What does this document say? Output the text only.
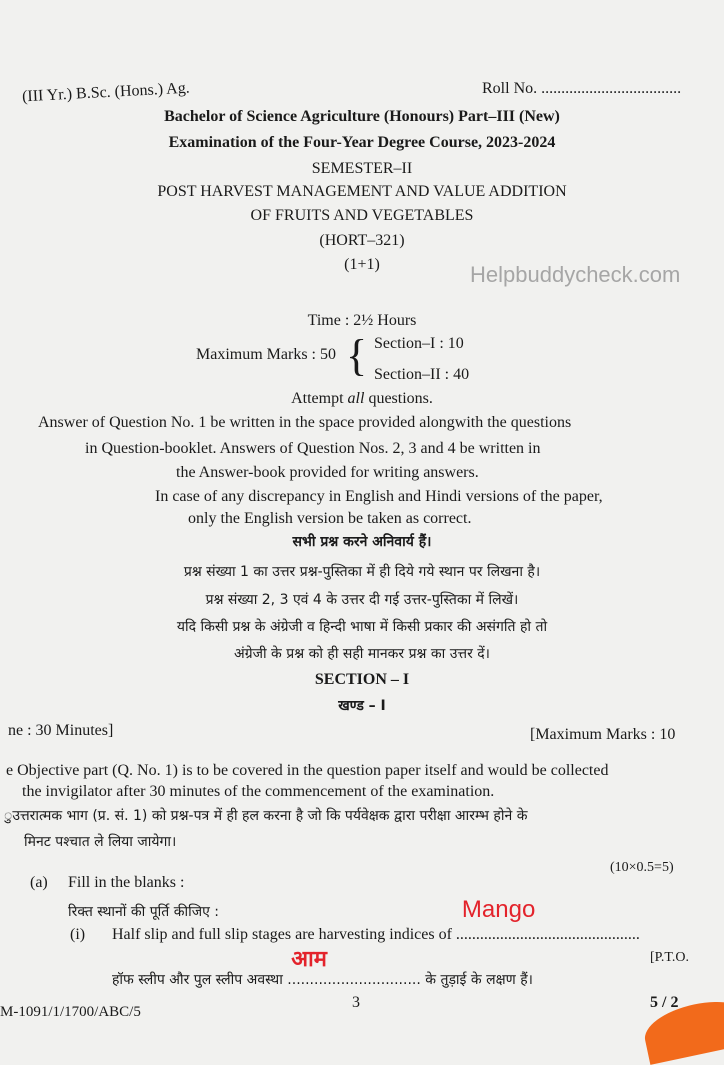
Helpbuddycheck.com
(III Yr.) B.Sc. (Hons.) Ag.	Roll No. ...................................
Bachelor of Science Agriculture (Honours) Part–III (New)
Examination of the Four-Year Degree Course, 2023-2024
SEMESTER–II
POST HARVEST MANAGEMENT AND VALUE ADDITION
OF FRUITS AND VEGETABLES
(HORT–321)
(1+1)
Time : 2½ Hours
Maximum Marks : 50 { Section–I : 10
Section–II : 40
Attempt all questions.
Answer of Question No. 1 be written in the space provided alongwith the questions
in Question-booklet. Answers of Question Nos. 2, 3 and 4 be written in
the Answer-book provided for writing answers.
In case of any discrepancy in English and Hindi versions of the paper,
only the English version be taken as correct.
सभी प्रश्न करने अनिवार्य हैं।
प्रश्न संख्या 1 का उत्तर प्रश्न-पुस्तिका में ही दिये गये स्थान पर लिखना है।
प्रश्न संख्या 2, 3 एवं 4 के उत्तर दी गई उत्तर-पुस्तिका में लिखें।
यदि किसी प्रश्न के अंग्रेजी व हिन्दी भाषा में किसी प्रकार की असंगति हो तो
अंग्रेजी के प्रश्न को ही सही मानकर प्रश्न का उत्तर दें।
SECTION – I
खण्ड – I
ne : 30 Minutes]	[Maximum Marks : 10
e Objective part (Q. No. 1) is to be covered in the question paper itself and would be collected
the invigilator after 30 minutes of the commencement of the examination.
ुउत्तरात्मक भाग (प्र. सं. 1) को प्रश्न-पत्र में ही हल करना है जो कि पर्यवेक्षक द्वारा परीक्षा आरम्भ होने के
मिनट पश्चात ले लिया जायेगा।
(10×0.5=5)
(a) Fill in the blanks :
रिक्त स्थानों की पूर्ति कीजिए :
(i) Half slip and full slip stages are harvesting indices of ..............................................
Mango
हॉफ स्लीप और पुल स्लीप अवस्था ..............................
आम
के तुड़ाई के लक्षण हैं।
3
[P.T.O.
5 / 2
M-1091/1/1700/ABC/5
